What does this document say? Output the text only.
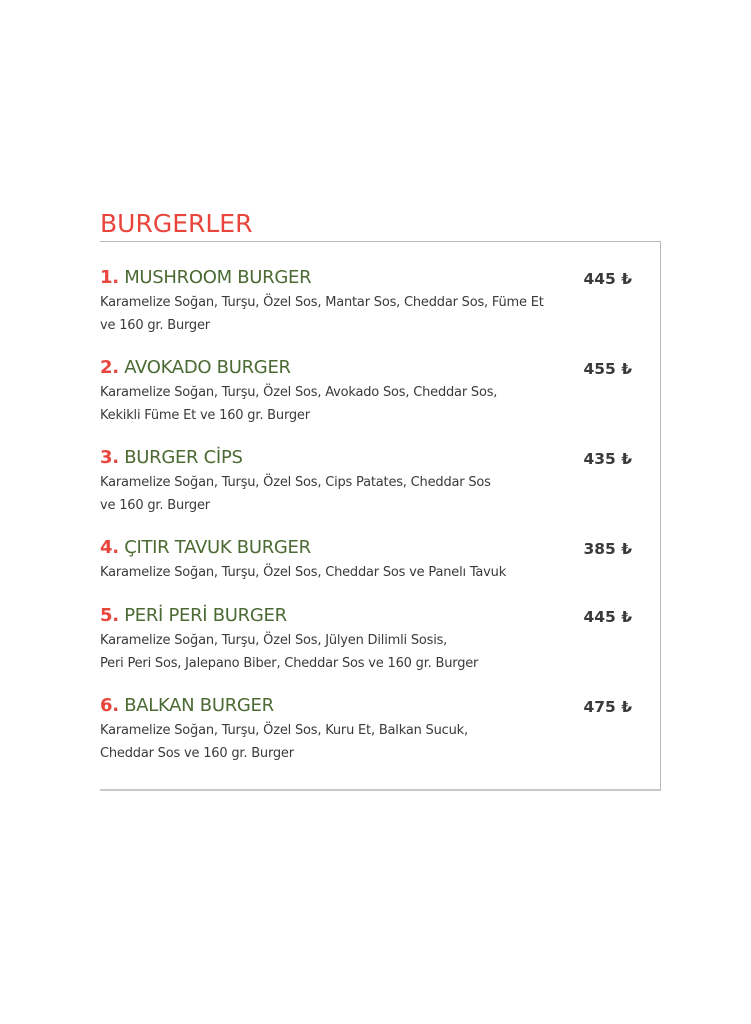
BURGERLER
1. MUSHROOM BURGER	445 ₺

Karamelize Soğan, Turşu, Özel Sos, Mantar Sos, Cheddar Sos, Füme Et

ve 160 gr. Burger

2. AVOKADO BURGER	455 ₺

Karamelize Soğan, Turşu, Özel Sos, Avokado Sos, Cheddar Sos,

Kekikli Füme Et ve 160 gr. Burger

3. BURGER CİPS	435 ₺

Karamelize Soğan, Turşu, Özel Sos, Cips Patates, Cheddar Sos

ve 160 gr. Burger

4. ÇITIR TAVUK BURGER	385 ₺

Karamelize Soğan, Turşu, Özel Sos, Cheddar Sos ve Panelı Tavuk

5. PERİ PERİ BURGER	445 ₺

Karamelize Soğan, Turşu, Özel Sos, Jülyen Dilimli Sosis,

Peri Peri Sos, Jalepano Biber, Cheddar Sos ve 160 gr. Burger

6. BALKAN BURGER	475 ₺

Karamelize Soğan, Turşu, Özel Sos, Kuru Et, Balkan Sucuk,

Cheddar Sos ve 160 gr. Burger
